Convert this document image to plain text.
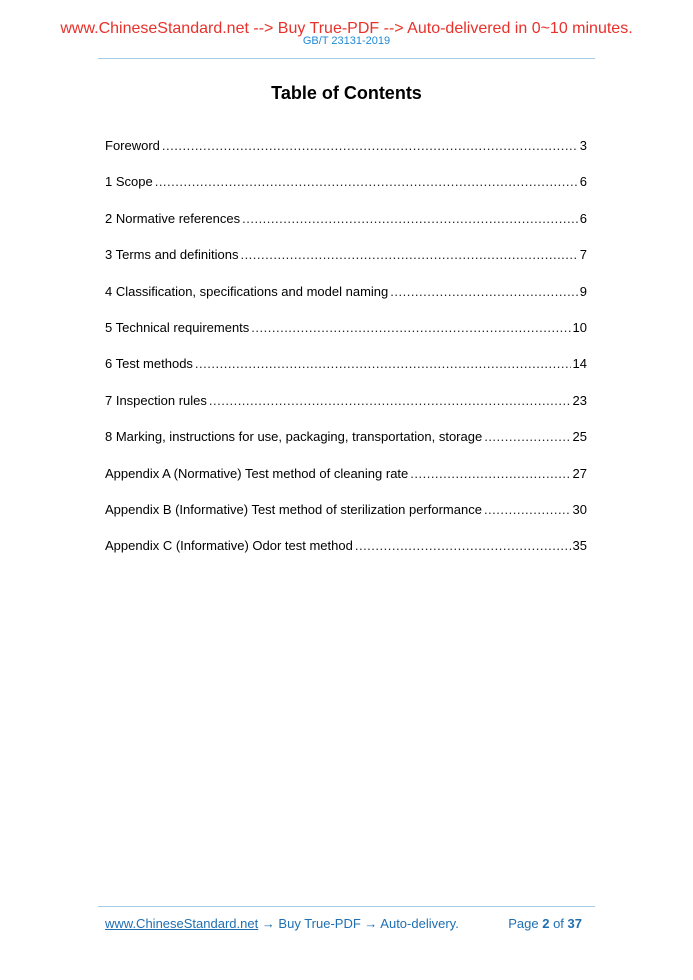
www.ChineseStandard.net --> Buy True-PDF --> Auto-delivered in 0~10 minutes.
GB/T 23131-2019
Table of Contents
Foreword .....	3
1 Scope .....	6
2 Normative references .....	6
3 Terms and definitions .....	7
4 Classification, specifications and model naming .....	9
5 Technical requirements .....	10
6 Test methods .....	14
7 Inspection rules .....	23
8 Marking, instructions for use, packaging, transportation, storage .....	25
Appendix A (Normative) Test method of cleaning rate .....	27
Appendix B (Informative) Test method of sterilization performance .....	30
Appendix C (Informative) Odor test method .....	35
www.ChineseStandard.net → Buy True-PDF → Auto-delivery.	Page 2 of 37
